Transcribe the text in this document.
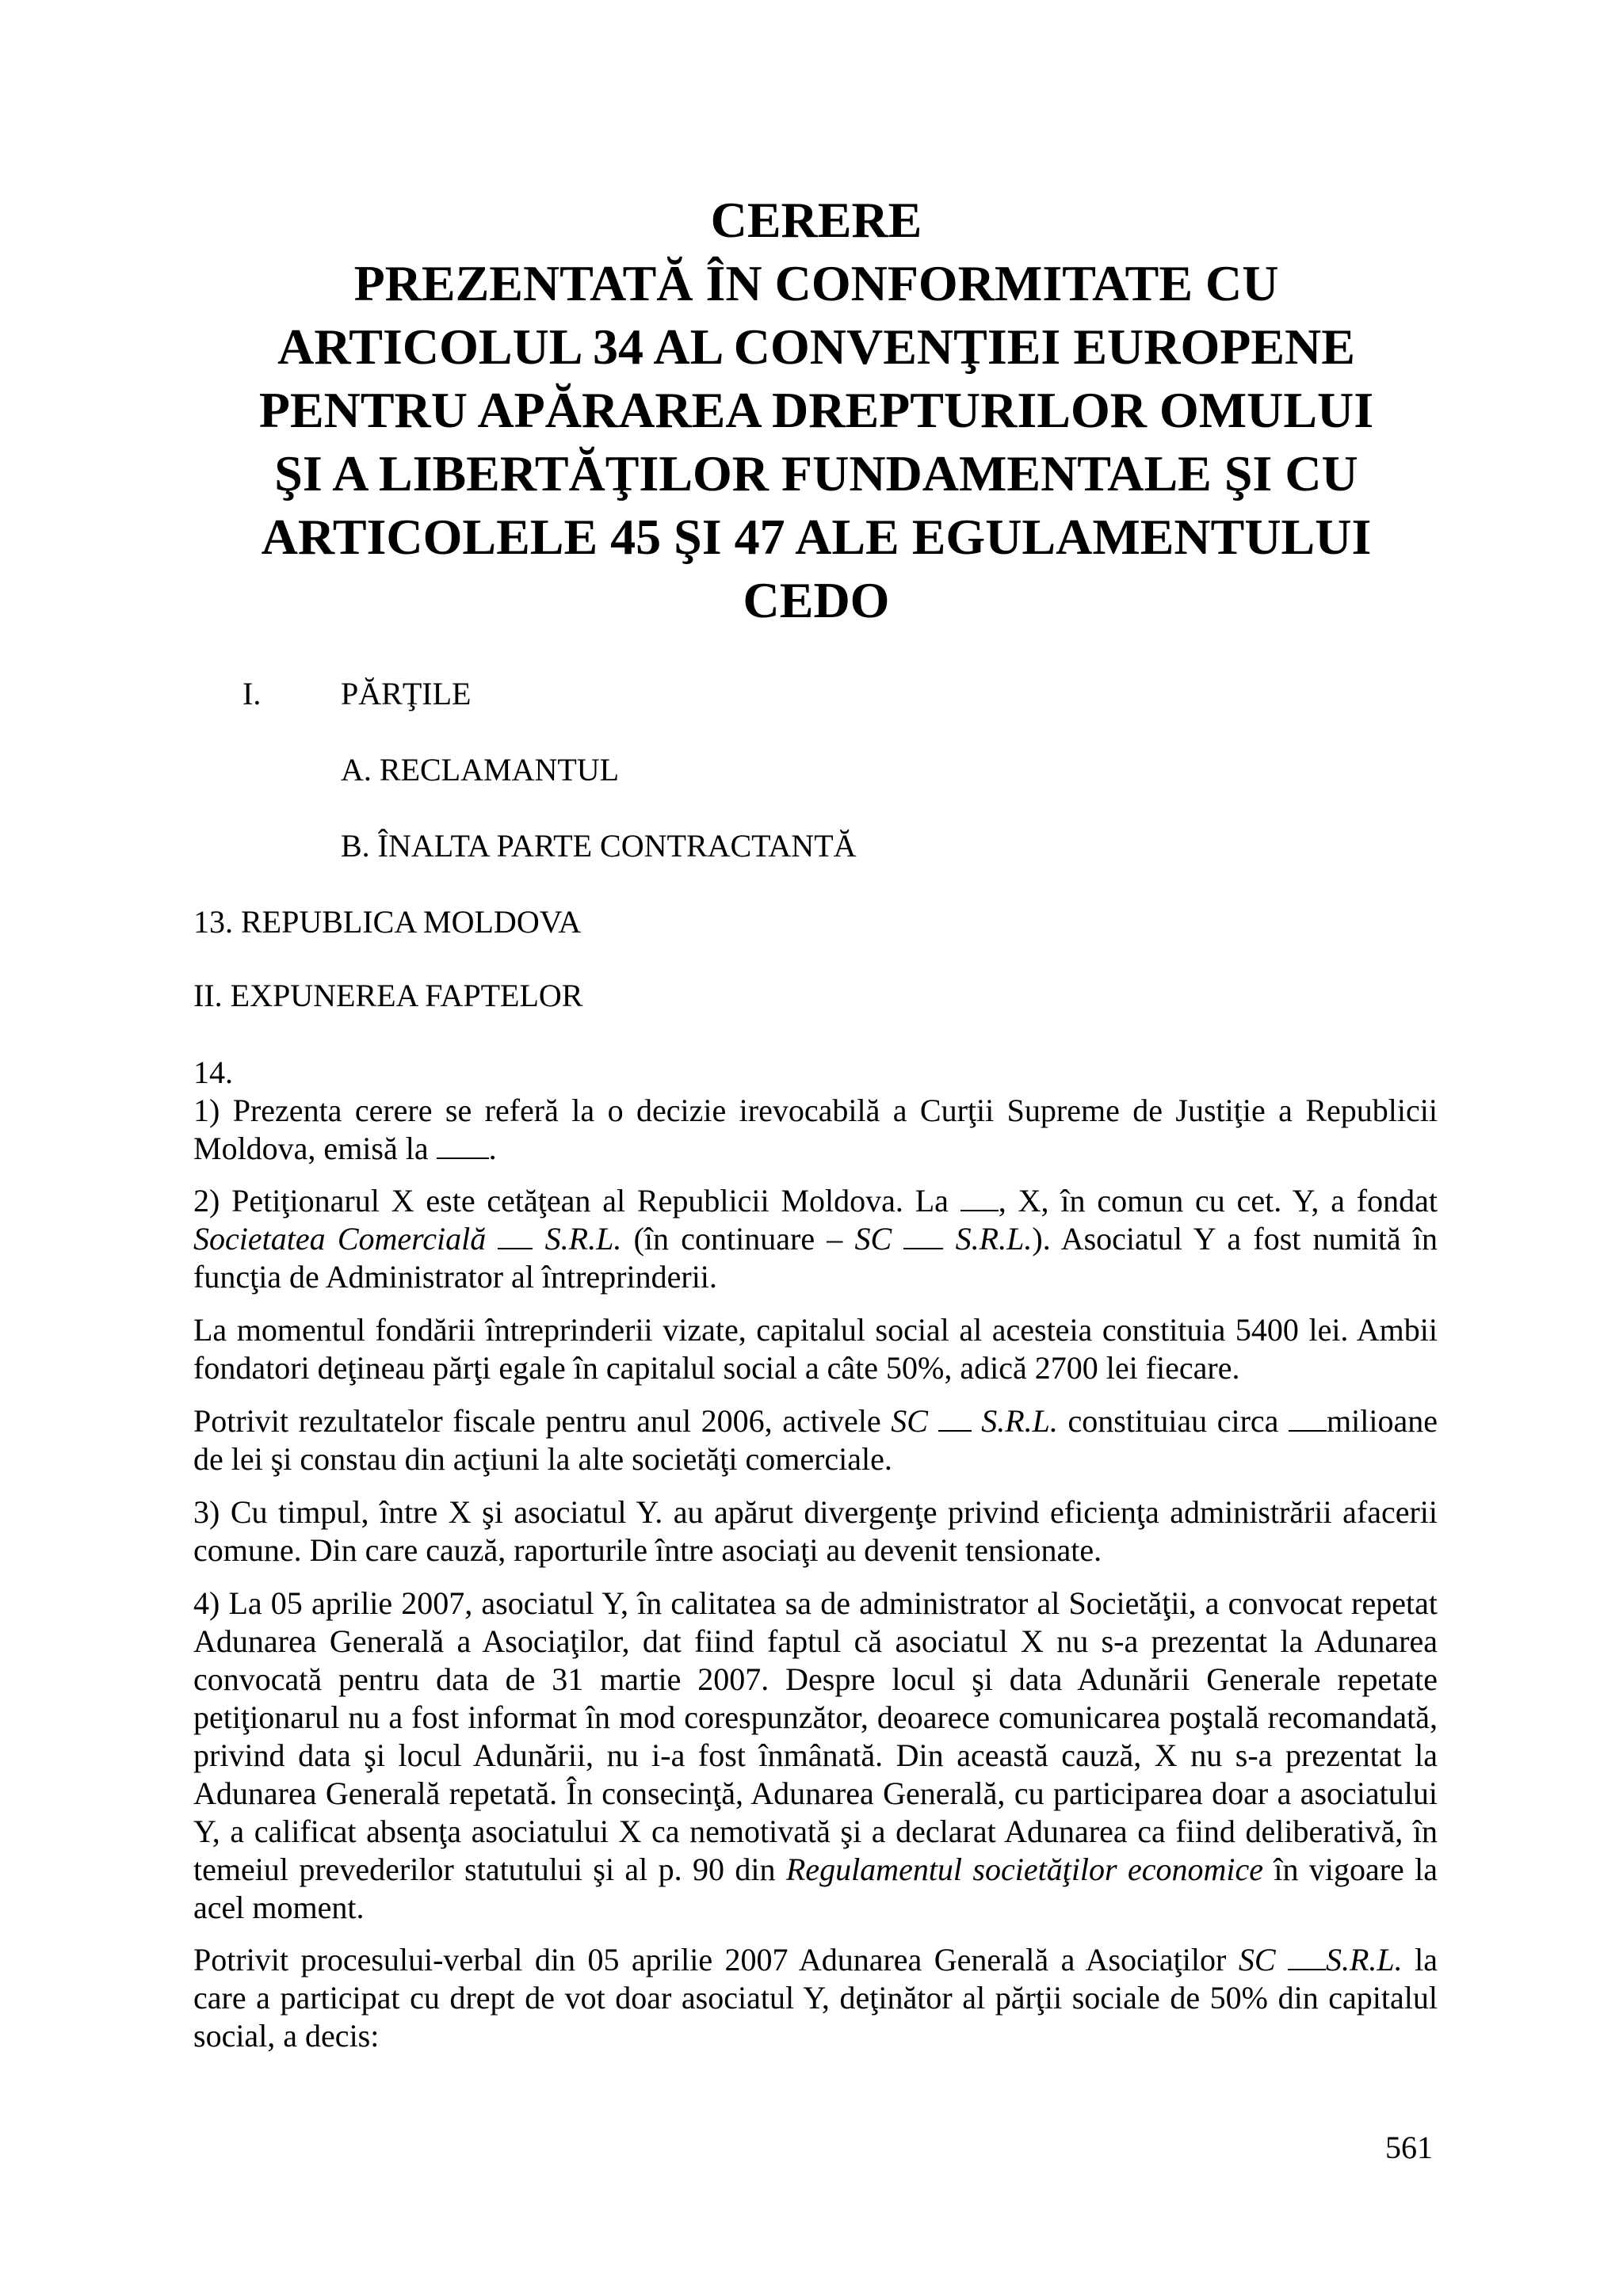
CERERE
PREZENTATĂ ÎN CONFORMITATE CU
ARTICOLUL 34 AL CONVENŢIEI EUROPENE
PENTRU APĂRAREA DREPTURILOR OMULUI
ŞI A LIBERTĂŢILOR FUNDAMENTALE ŞI CU
ARTICOLELE 45 ŞI 47 ALE EGULAMENTULUI
CEDO
I.	PĂRŢILE
A. RECLAMANTUL
B. ÎNALTA PARTE CONTRACTANTĂ
13. REPUBLICA MOLDOVA
II. EXPUNEREA FAPTELOR

14.

1) Prezenta cerere se referă la o decizie irevocabilă a Curţii Supreme de Justiţie a Republicii Moldova, emisă la .

2) Petiţionarul X este cetăţean al Republicii Moldova. La , X, în comun cu cet. Y, a fondat Societatea Comercială  S.R.L. (în continuare – SC  S.R.L.). Asociatul Y a fost numită în funcţia de Administrator al întreprinderii.

La momentul fondării întreprinderii vizate, capitalul social al acesteia constituia 5400 lei. Ambii fondatori deţineau părţi egale în capitalul social a câte 50%, adică 2700 lei fiecare.

Potrivit rezultatelor fiscale pentru anul 2006, activele SC  S.R.L. constituiau circa milioane de lei şi constau din acţiuni la alte societăţi comerciale.

3) Cu timpul, între X şi asociatul Y. au apărut divergenţe privind eficienţa administrării afacerii comune. Din care cauză, raporturile între asociaţi au devenit tensionate.

4) La 05 aprilie 2007, asociatul Y, în calitatea sa de administrator al Societăţii, a convocat repetat Adunarea Generală a Asociaţilor, dat fiind faptul că asociatul X nu s-a prezentat la Adunarea convocată pentru data de 31 martie 2007. Despre locul şi data Adunării Generale repetate petiţionarul nu a fost informat în mod corespunzător, deoarece comunicarea poştală recomandată, privind data şi locul Adunării, nu i-a fost înmânată. Din această cauză, X nu s-a prezentat la Adunarea Generală repetată. În consecinţă, Adunarea Generală, cu participarea doar a asociatului Y, a calificat absenţa asociatului X ca nemotivată şi a declarat Adunarea ca fiind deliberativă, în temeiul prevederilor statutului şi al p. 90 din Regulamentul societăţilor economice în vigoare la acel moment.

Potrivit procesului-verbal din 05 aprilie 2007 Adunarea Generală a Asociaţilor SC S.R.L. la care a participat cu drept de vot doar asociatul Y, deţinător al părţii sociale de 50% din capitalul social, a decis:

561
